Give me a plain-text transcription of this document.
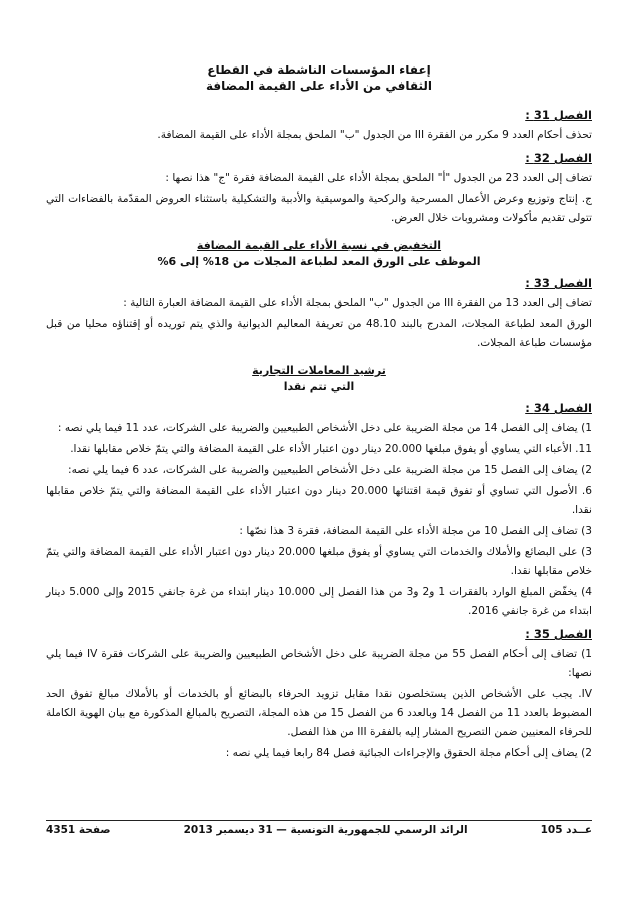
إعفاء المؤسسات الناشطة في القطاع

الثقافي من الأداء على القيمة المضافة

الفصل 31 :

تحذف أحكام العدد 9 مكرر من الفقرة III من الجدول "ب" الملحق بمجلة الأداء على القيمة المضافة.

الفصل 32 :

تضاف إلى العدد 23 من الجدول "أ" الملحق بمجلة الأداء على القيمة المضافة فقرة "ج" هذا نصها :

ج. إنتاج وتوزيع وعرض الأعمال المسرحية والركحية والموسيقية والأدبية والتشكيلية باستثناء العروض المقدّمة بالفضاءات التي تتولى تقديم مأكولات ومشروبات خلال العرض.

التخفيض في نسبة الأداء على القيمة المضافة

الموظف على الورق المعد لطباعة المجلات من 18% إلى 6%

الفصل 33 :

تضاف إلى العدد 13 من الفقرة III من الجدول "ب" الملحق بمجلة الأداء على القيمة المضافة العبارة التالية :

الورق المعد لطباعة المجلات، المدرج بالبند 48.10 من تعريفة المعاليم الديوانية والذي يتم توريده أو إقتناؤه محليا من قبل مؤسسات طباعة المجلات.

ترشيد المعاملات التجارية

التي تتم نقدا

الفصل 34 :

1) يضاف إلى الفصل 14 من مجلة الضريبة على دخل الأشخاص الطبيعيين والضريبة على الشركات، عدد 11 فيما يلي نصه :

11. الأعباء التي يساوي أو يفوق مبلغها 20.000 دينار دون اعتبار الأداء على القيمة المضافة والتي يتمّ خلاص مقابلها نقدا.

2) يضاف إلى الفصل 15 من مجلة الضريبة على دخل الأشخاص الطبيعيين والضريبة على الشركات، عدد 6 فيما يلي نصه:

6. الأصول التي تساوي أو تفوق قيمة اقتنائها 20.000 دينار دون اعتبار الأداء على القيمة المضافة والتي يتمّ خلاص مقابلها نقدا.

3) تضاف إلى الفصل 10 من مجلة الأداء على القيمة المضافة، فقرة 3 هذا نصّها :

3) على البضائع والأملاك والخدمات التي يساوي أو يفوق مبلغها 20.000 دينار دون اعتبار الأداء على القيمة المضافة والتي يتمّ خلاص مقابلها نقدا.

4) يخفّض المبلغ الوارد بالفقرات 1 و2 و3 من هذا الفصل إلى 10.000 دينار ابتداء من غرة جانفي 2015 وإلى 5.000 دينار ابتداء من غرة جانفي 2016.

الفصل 35 :

1) تضاف إلى أحكام الفصل 55 من مجلة الضريبة على دخل الأشخاص الطبيعيين والضريبة على الشركات فقرة IV فيما يلي نصها:

IV. يجب على الأشخاص الذين يستخلصون نقدا مقابل تزويد الحرفاء بالبضائع أو بالخدمات أو بالأملاك مبالغ تفوق الحد المضبوط بالعدد 11 من الفصل 14 وبالعدد 6 من الفصل 15 من هذه المجلة، التصريح بالمبالغ المذكورة مع بيان الهوية الكاملة للحرفاء المعنيين ضمن التصريح المشار إليه بالفقرة III من هذا الفصل.

2) يضاف إلى أحكام مجلة الحقوق والإجراءات الجبائية فصل 84 رابعا فيما يلي نصه :

عــدد 105
الرائد الرسمي للجمهورية التونسية — 31 ديسمبر 2013
صفحة 4351
